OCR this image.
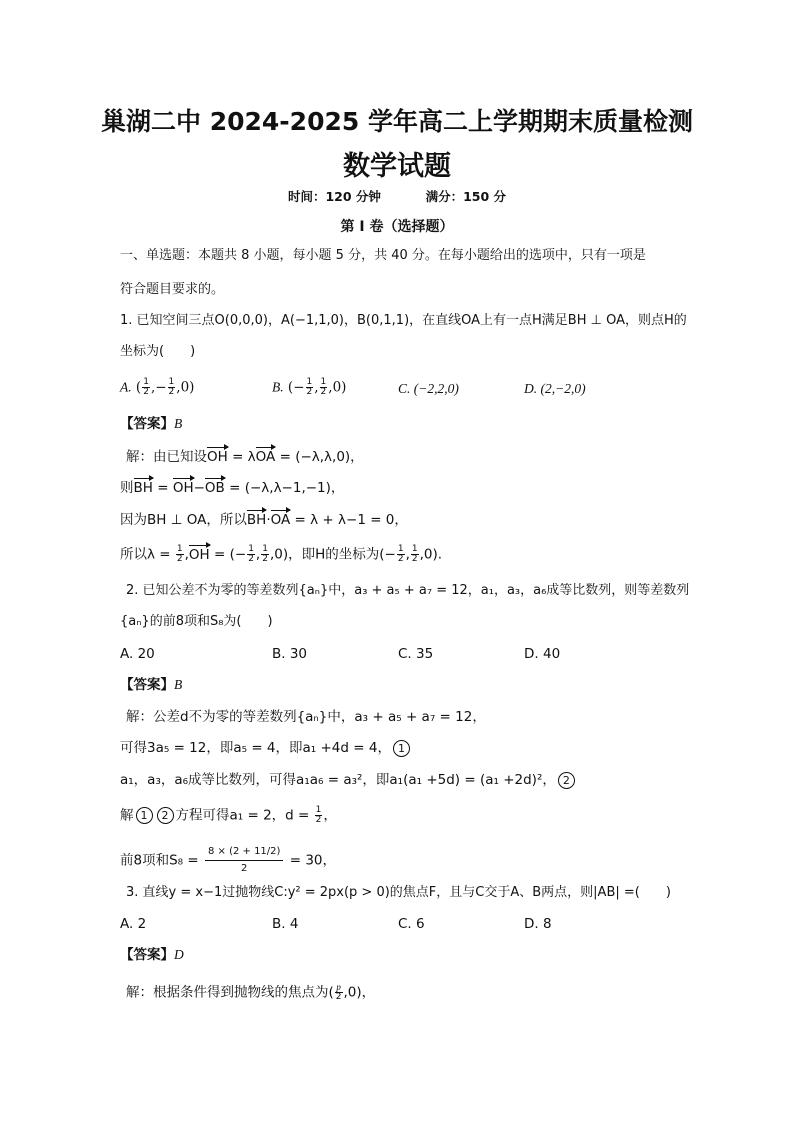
巢湖二中 2024-2025 学年高二上学期期末质量检测
数学试题
时间：120 分钟	满分：150 分
第 I 卷（选择题）
一、单选题：本题共 8 小题，每小题 5 分，共 40 分。在每小题给出的选项中，只有一项是
符合题目要求的。
1. 已知空间三点O(0,0,0)，A(−1,1,0)，B(0,1,1)，在直线OA上有一点H满足BH ⊥ OA，则点H的
坐标为(　　)
A. ( $\frac{1}{2}$ ,− $\frac{1}{2} ,0$)	B. (− $\frac{1}{2}$ , $\frac{1}{2} ,0$)	C. (−2,2,0)	D. (2,−2,0)
【答案】B
解：由已知设OH = λOA = (−λ,λ,0)，
则BH = OH−OB = (−λ,λ−1,−1)，
因为BH ⊥ OA，所以BH·OA = λ + λ−1 = 0，
所以$\lambda = \frac{1}{2} ,OH$ = (− $\frac{1}{2}$ , $\frac{1}{2} ,0$)，即H的坐标为(− $\frac{1}{2}$ , $\frac{1}{2} ,0$).
2. 已知公差不为零的等差数列{aₙ}中，a₃ + a₅ + a₇ = 12，a₁，a₃，a₆成等比数列，则等差数列
{aₙ}的前8项和S₈为(　　)
A. 20	B. 30	C. 35	D. 40
【答案】B
解：公差d不为零的等差数列{aₙ}中，a₃ + a₅ + a₇ = 12，
可得3a₅ = 12，即a₅ = 4，即a₁ +4d = 4， 1
a₁，a₃，a₆成等比数列，可得a₁a₆ = a₃²，即a₁(a₁ +5d) = (a₁ +2d)²， 2
解 1 2 方程可得a₁ = 2，$d = \frac{1}{2}$ ，
前8项和$S_8 = \frac{8 \times (2 + 11/2)}{2} = 30$，
3. 直线y = x−1过抛物线C:y² = 2px(p > 0)的焦点F，且与C交于A、B两点，则|AB| =(　　)
A. 2	B. 4	C. 6	D. 8
【答案】D
解：根据条件得到抛物线的焦点为( $\frac{p}{2} ,0$)，
